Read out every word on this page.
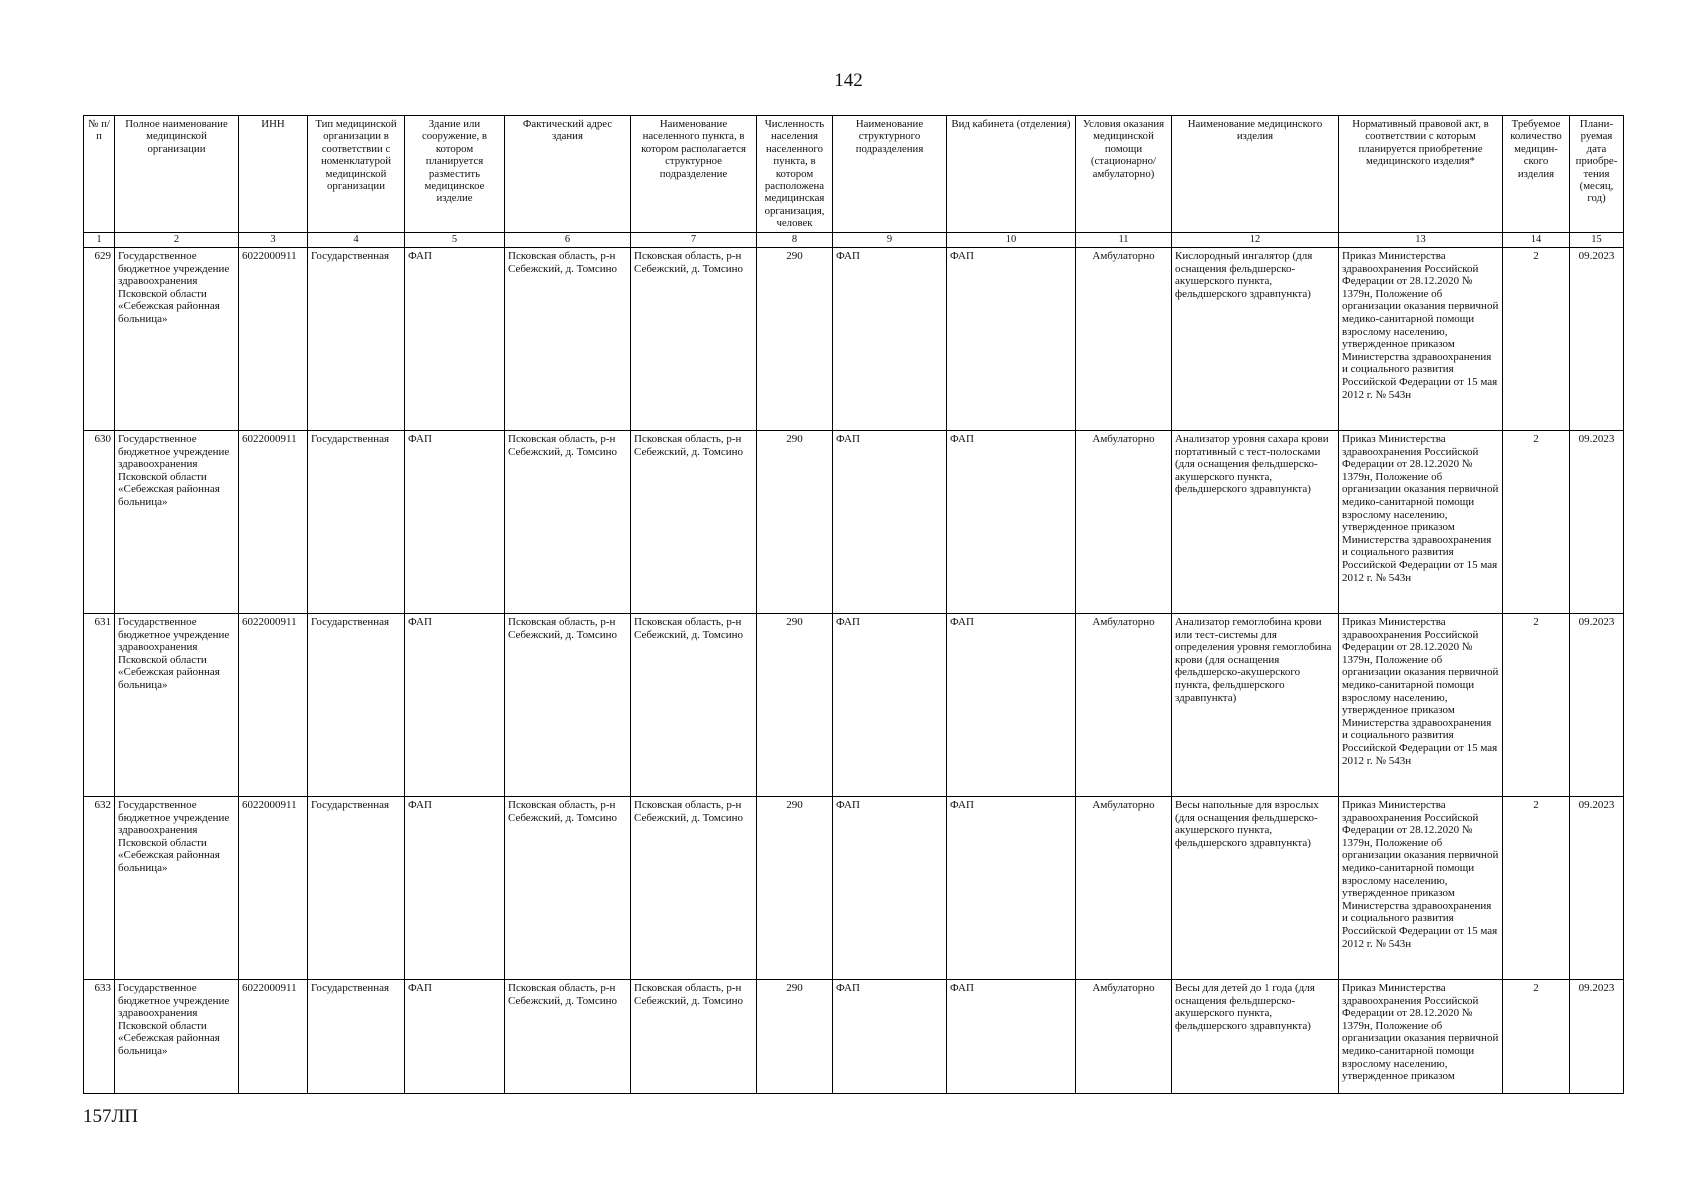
142
№ п/п	Полное наименование медицинской организации	ИНН	Тип медицинской организации в соответствии с номенклатурой медицинской организации	Здание или сооружение, в котором планируется разместить медицинское изделие	Фактический адрес здания	Наименование населенного пункта, в котором располагается структурное подразделение	Численность населения населенного пункта, в котором расположена медицинская организация, человек	Наименование структурного подразделения	Вид кабинета (отделения)	Условия оказания медицинской помощи (стационарно/ амбулаторно)	Наименование медицинского изделия	Нормативный правовой акт, в соответствии с которым планируется приобретение медицинского изделия*	Требуемое количество медицин-ского изделия	Плани-руемая дата приобре-тения (месяц, год)
1	2	3	4	5	6	7	8	9	10	11	12	13	14	15
629	Государственное бюджетное учреждение здравоохранения Псковской области «Себежская районная больница»	6022000911	Государственная	ФАП	Псковская область, р-н Себежский, д. Томсино	Псковская область, р-н Себежский, д. Томсино	290	ФАП	ФАП	Амбулаторно	Кислородный ингалятор (для оснащения фельдшерско-акушерского пункта, фельдшерского здравпункта)	Приказ Министерства здравоохранения Российской Федерации от 28.12.2020 № 1379н, Положение об организации оказания первичной медико-санитарной помощи взрослому населению, утвержденное приказом Министерства здравоохранения и социального развития Российской Федерации от 15 мая 2012 г. № 543н	2	09.2023
630	Государственное бюджетное учреждение здравоохранения Псковской области «Себежская районная больница»	6022000911	Государственная	ФАП	Псковская область, р-н Себежский, д. Томсино	Псковская область, р-н Себежский, д. Томсино	290	ФАП	ФАП	Амбулаторно	Анализатор уровня сахара крови портативный с тест-полосками (для оснащения фельдшерско-акушерского пункта, фельдшерского здравпункта)	Приказ Министерства здравоохранения Российской Федерации от 28.12.2020 № 1379н, Положение об организации оказания первичной медико-санитарной помощи взрослому населению, утвержденное приказом Министерства здравоохранения и социального развития Российской Федерации от 15 мая 2012 г. № 543н	2	09.2023
631	Государственное бюджетное учреждение здравоохранения Псковской области «Себежская районная больница»	6022000911	Государственная	ФАП	Псковская область, р-н Себежский, д. Томсино	Псковская область, р-н Себежский, д. Томсино	290	ФАП	ФАП	Амбулаторно	Анализатор гемоглобина крови или тест-системы для определения уровня гемоглобина крови (для оснащения фельдшерско-акушерского пункта, фельдшерского здравпункта)	Приказ Министерства здравоохранения Российской Федерации от 28.12.2020 № 1379н, Положение об организации оказания первичной медико-санитарной помощи взрослому населению, утвержденное приказом Министерства здравоохранения и социального развития Российской Федерации от 15 мая 2012 г. № 543н	2	09.2023
632	Государственное бюджетное учреждение здравоохранения Псковской области «Себежская районная больница»	6022000911	Государственная	ФАП	Псковская область, р-н Себежский, д. Томсино	Псковская область, р-н Себежский, д. Томсино	290	ФАП	ФАП	Амбулаторно	Весы напольные для взрослых (для оснащения фельдшерско-акушерского пункта, фельдшерского здравпункта)	Приказ Министерства здравоохранения Российской Федерации от 28.12.2020 № 1379н, Положение об организации оказания первичной медико-санитарной помощи взрослому населению, утвержденное приказом Министерства здравоохранения и социального развития Российской Федерации от 15 мая 2012 г. № 543н	2	09.2023
633	Государственное бюджетное учреждение здравоохранения Псковской области «Себежская районная больница»	6022000911	Государственная	ФАП	Псковская область, р-н Себежский, д. Томсино	Псковская область, р-н Себежский, д. Томсино	290	ФАП	ФАП	Амбулаторно	Весы для детей до 1 года (для оснащения фельдшерско-акушерского пункта, фельдшерского здравпункта)	Приказ Министерства здравоохранения Российской Федерации от 28.12.2020 № 1379н, Положение об организации оказания первичной медико-санитарной помощи взрослому населению, утвержденное приказом	2	09.2023
157ЛП
